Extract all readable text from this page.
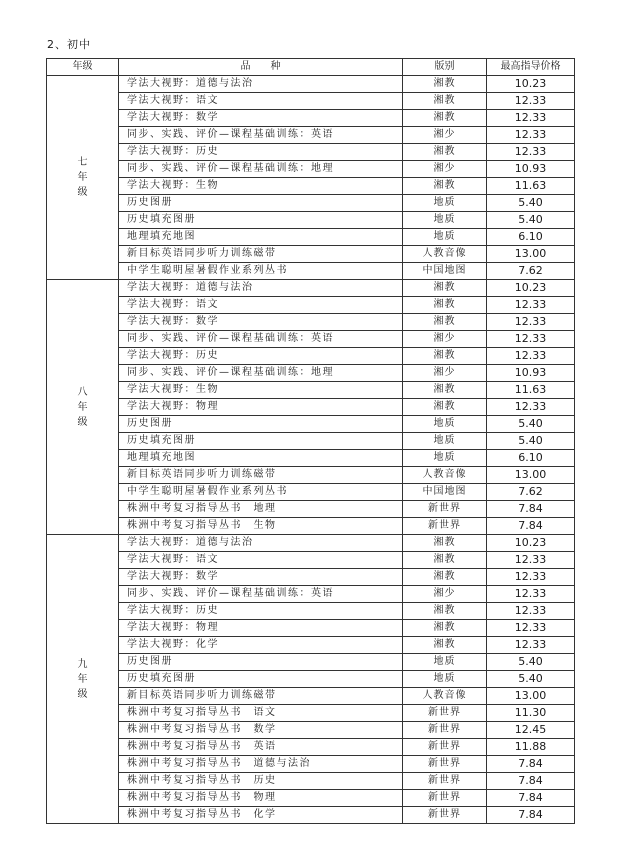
2、初中
年级	品　　种	版别	最高指导价格
七年级	学法大视野：道德与法治	湘教	10.23
	学法大视野：语文	湘教	12.33
	学法大视野：数学	湘教	12.33
	同步、实践、评价—课程基础训练：英语	湘少	12.33
	学法大视野：历史	湘教	12.33
	同步、实践、评价—课程基础训练：地理	湘少	10.93
	学法大视野：生物	湘教	11.63
	历史图册	地质	5.40
	历史填充图册	地质	5.40
	地理填充地图	地质	6.10
	新目标英语同步听力训练磁带	人教音像	13.00
	中学生聪明屋暑假作业系列丛书	中国地图	7.62
八年级	学法大视野：道德与法治	湘教	10.23
	学法大视野：语文	湘教	12.33
	学法大视野：数学	湘教	12.33
	同步、实践、评价—课程基础训练：英语	湘少	12.33
	学法大视野：历史	湘教	12.33
	同步、实践、评价—课程基础训练：地理	湘少	10.93
	学法大视野：生物	湘教	11.63
	学法大视野：物理	湘教	12.33
	历史图册	地质	5.40
	历史填充图册	地质	5.40
	地理填充地图	地质	6.10
	新目标英语同步听力训练磁带	人教音像	13.00
	中学生聪明屋暑假作业系列丛书	中国地图	7.62
	株洲中考复习指导丛书　地理	新世界	7.84
	株洲中考复习指导丛书　生物	新世界	7.84
九年级	学法大视野：道德与法治	湘教	10.23
	学法大视野：语文	湘教	12.33
	学法大视野：数学	湘教	12.33
	同步、实践、评价—课程基础训练：英语	湘少	12.33
	学法大视野：历史	湘教	12.33
	学法大视野：物理	湘教	12.33
	学法大视野：化学	湘教	12.33
	历史图册	地质	5.40
	历史填充图册	地质	5.40
	新目标英语同步听力训练磁带	人教音像	13.00
	株洲中考复习指导丛书　语文	新世界	11.30
	株洲中考复习指导丛书　数学	新世界	12.45
	株洲中考复习指导丛书　英语	新世界	11.88
	株洲中考复习指导丛书　道德与法治	新世界	7.84
	株洲中考复习指导丛书　历史	新世界	7.84
	株洲中考复习指导丛书　物理	新世界	7.84
	株洲中考复习指导丛书　化学	新世界	7.84
